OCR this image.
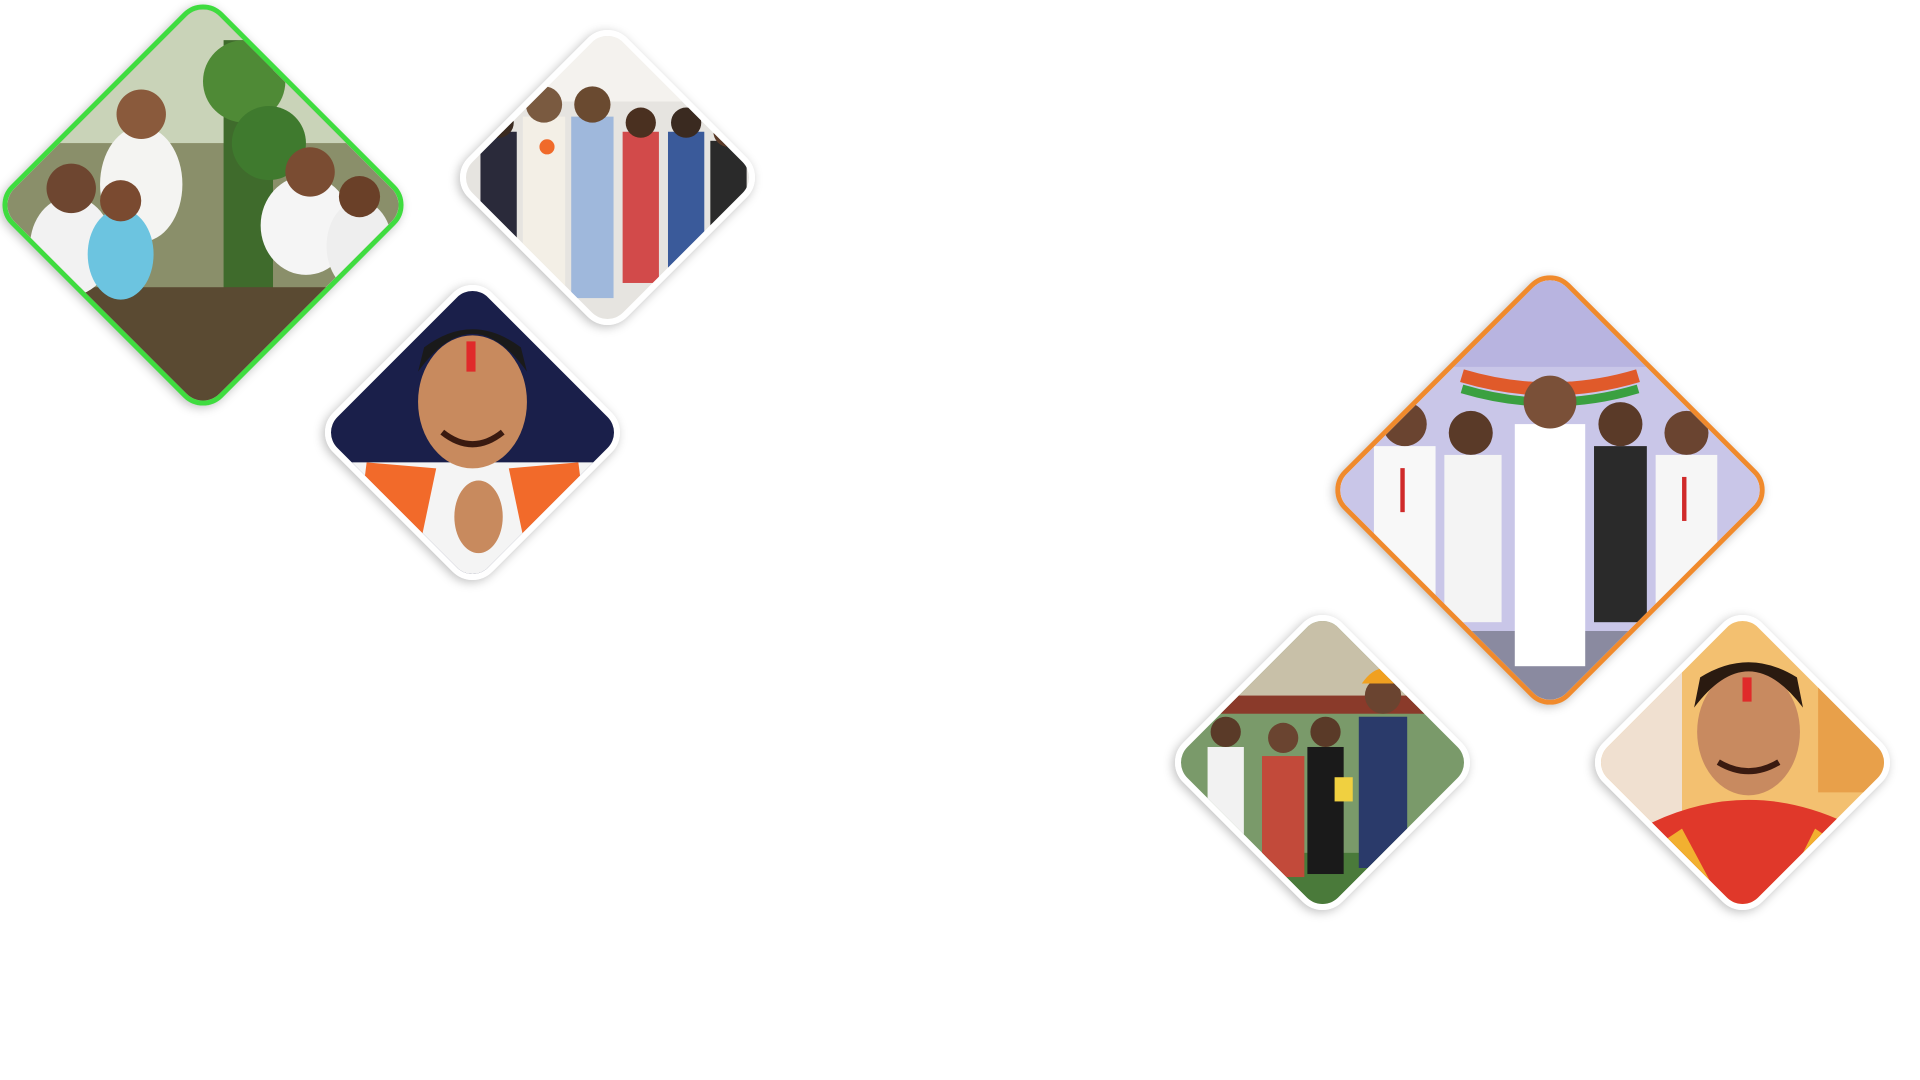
B.J.P
